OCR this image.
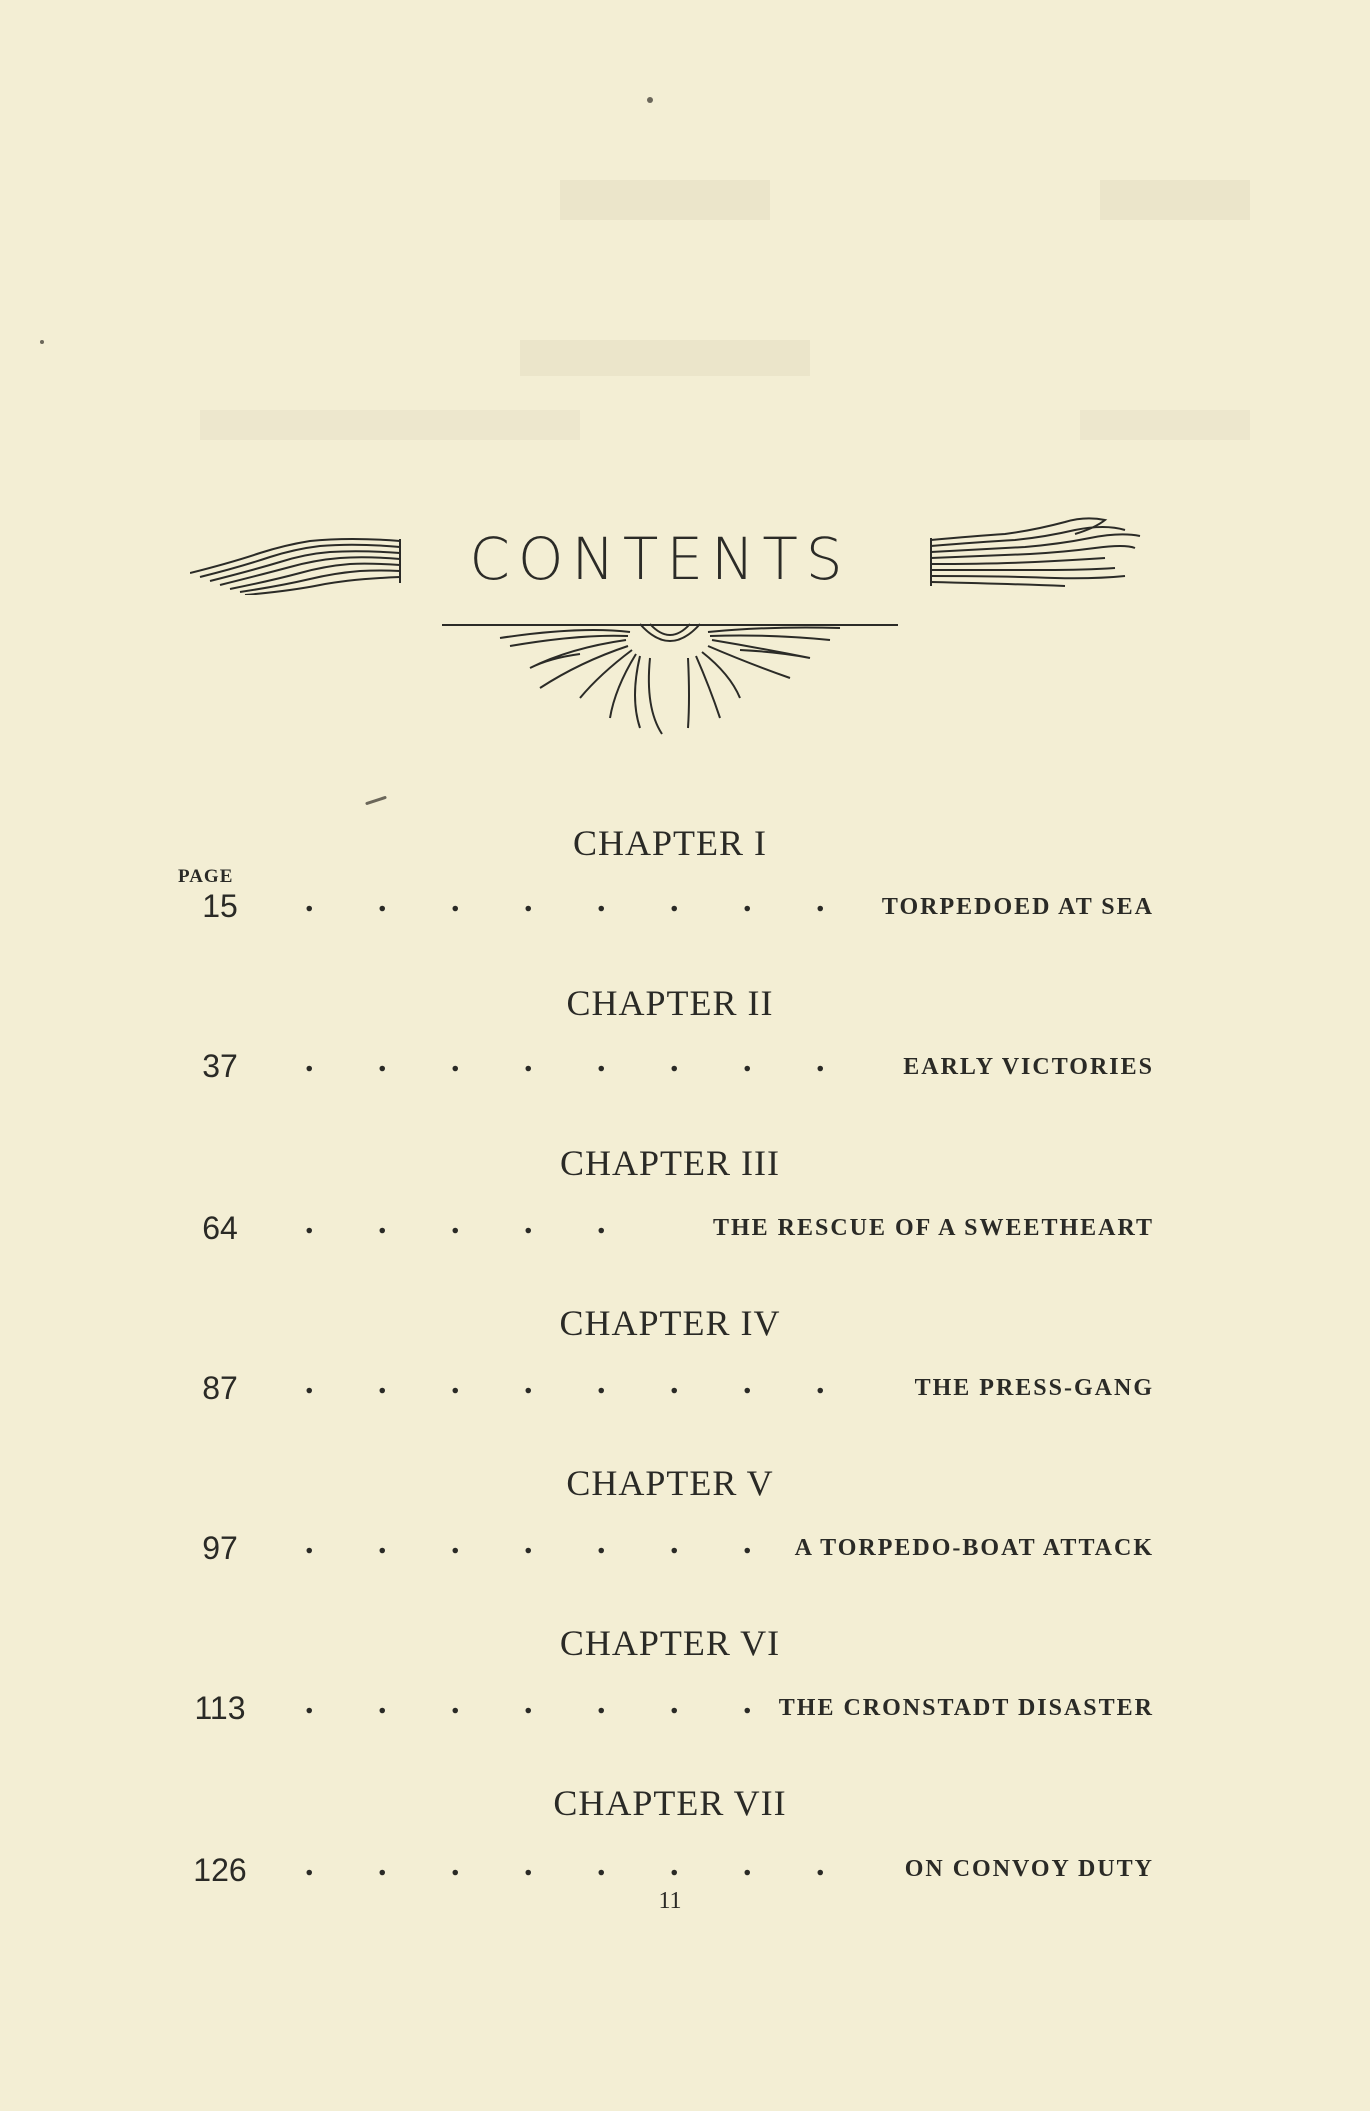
CONTENTS
PAGE
CHAPTER I
15	. . . . . . . . TORPEDOED AT SEA
CHAPTER II
37	. . . . . . . . EARLY VICTORIES
CHAPTER III
64	. . . . .	THE RESCUE OF A SWEETHEART
CHAPTER IV
87	. . . . . . . .	THE PRESS-GANG
CHAPTER V
97	. . . . . . . A TORPEDO-BOAT ATTACK
CHAPTER VI
113 . . . . . . . THE CRONSTADT DISASTER
CHAPTER VII
126 . . . . . . . . ON CONVOY DUTY
11
